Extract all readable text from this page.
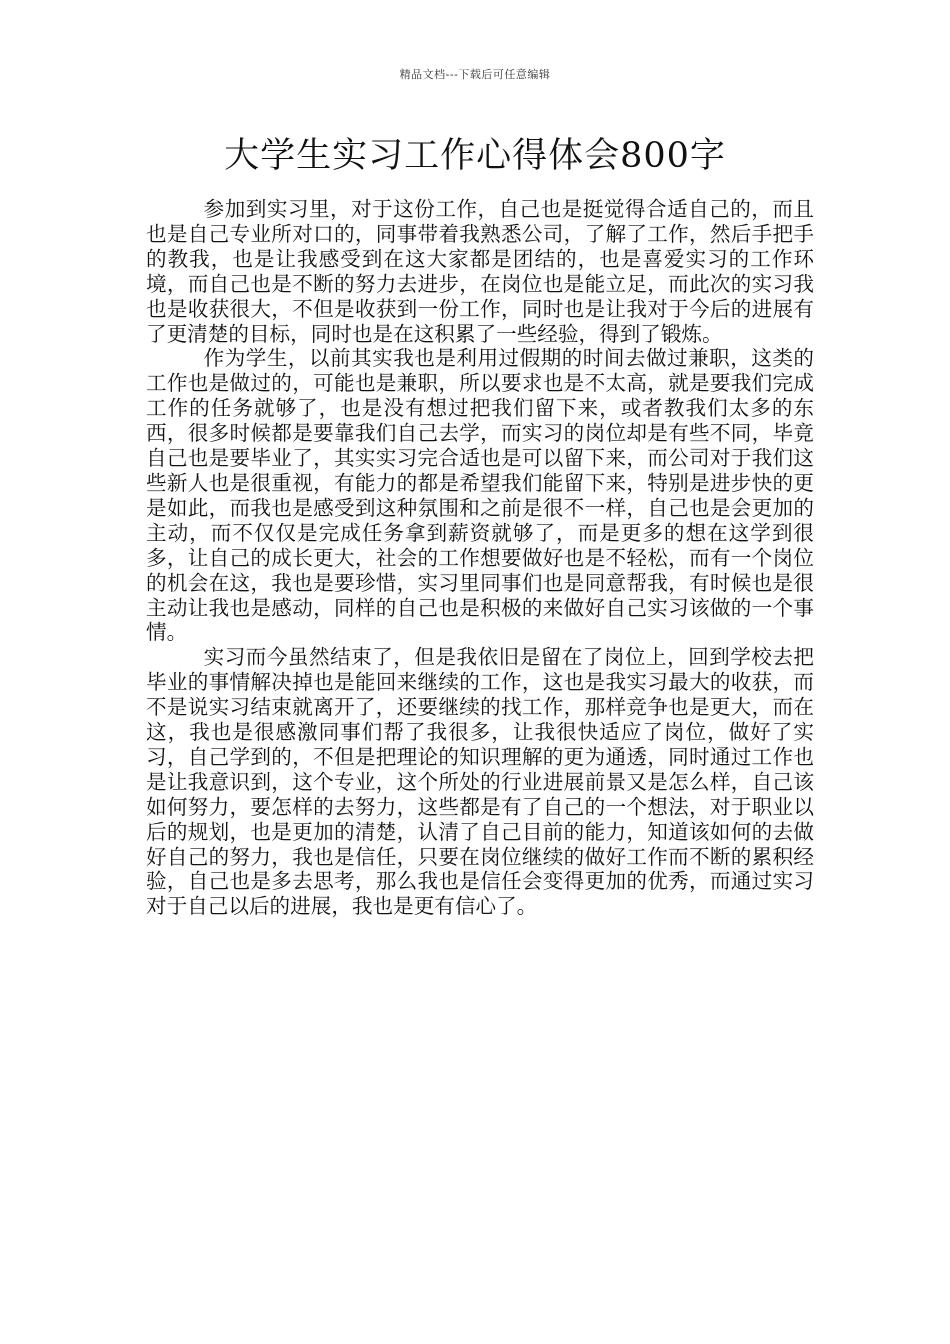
精品文档---下载后可任意编辑
大学生实习工作心得体会800字

参加到实习里，对于这份工作，自己也是挺觉得合适自己的，而且也是自己专业所对口的，同事带着我熟悉公司，了解了工作，然后手把手的教我，也是让我感受到在这大家都是团结的，也是喜爱实习的工作环境，而自己也是不断的努力去进步，在岗位也是能立足，而此次的实习我也是收获很大，不但是收获到一份工作，同时也是让我对于今后的进展有了更清楚的目标，同时也是在这积累了一些经验，得到了锻炼。

作为学生，以前其实我也是利用过假期的时间去做过兼职，这类的工作也是做过的，可能也是兼职，所以要求也是不太高，就是要我们完成工作的任务就够了，也是没有想过把我们留下来，或者教我们太多的东西，很多时候都是要靠我们自己去学，而实习的岗位却是有些不同，毕竟自己也是要毕业了，其实实习完合适也是可以留下来，而公司对于我们这些新人也是很重视，有能力的都是希望我们能留下来，特别是进步快的更是如此，而我也是感受到这种氛围和之前是很不一样，自己也是会更加的主动，而不仅仅是完成任务拿到薪资就够了，而是更多的想在这学到很多，让自己的成长更大，社会的工作想要做好也是不轻松，而有一个岗位的机会在这，我也是要珍惜，实习里同事们也是同意帮我，有时候也是很主动让我也是感动，同样的自己也是积极的来做好自己实习该做的一个事情。

实习而今虽然结束了，但是我依旧是留在了岗位上，回到学校去把毕业的事情解决掉也是能回来继续的工作，这也是我实习最大的收获，而不是说实习结束就离开了，还要继续的找工作，那样竞争也是更大，而在这，我也是很感激同事们帮了我很多，让我很快适应了岗位，做好了实习，自己学到的，不但是把理论的知识理解的更为通透，同时通过工作也是让我意识到，这个专业，这个所处的行业进展前景又是怎么样，自己该如何努力，要怎样的去努力，这些都是有了自己的一个想法，对于职业以后的规划，也是更加的清楚，认清了自己目前的能力，知道该如何的去做好自己的努力，我也是信任，只要在岗位继续的做好工作而不断的累积经验，自己也是多去思考，那么我也是信任会变得更加的优秀，而通过实习对于自己以后的进展，我也是更有信心了。
